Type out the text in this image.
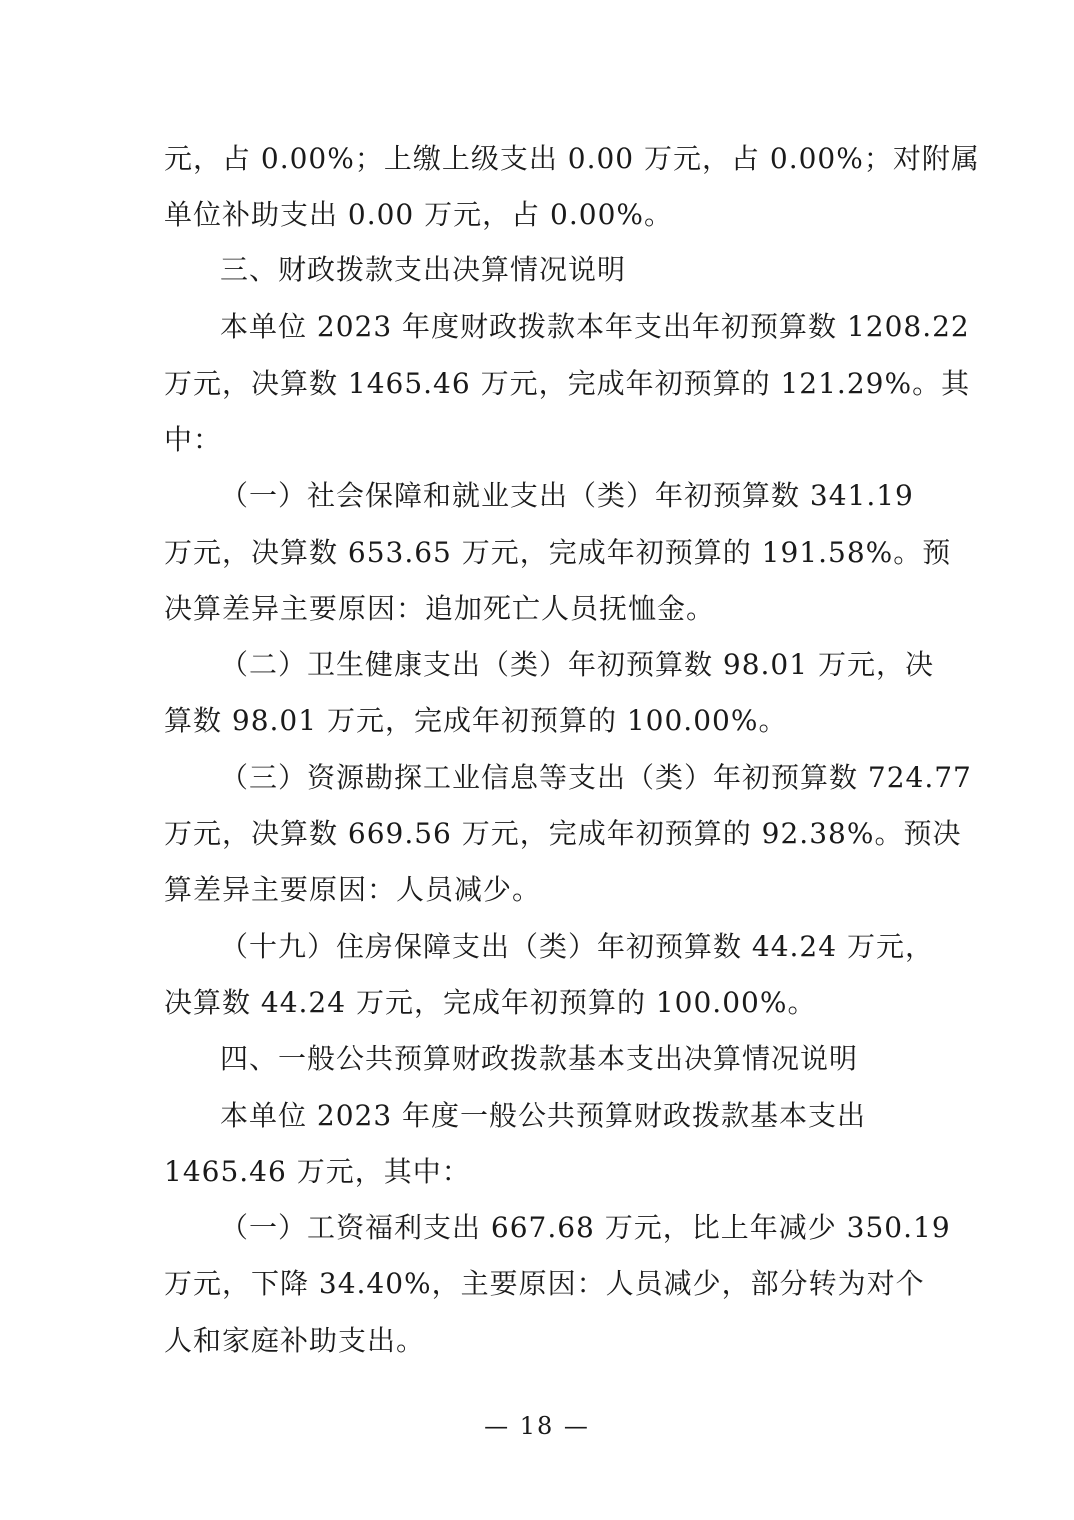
元，占 0.00%；上缴上级支出 0.00 万元，占 0.00%；对附属
单位补助支出 0.00 万元，占 0.00%。
三、财政拨款支出决算情况说明
本单位 2023 年度财政拨款本年支出年初预算数 1208.22
万元，决算数 1465.46 万元，完成年初预算的 121.29%。其
中：
（一）社会保障和就业支出（类）年初预算数 341.19
万元，决算数 653.65 万元，完成年初预算的 191.58%。预
决算差异主要原因：追加死亡人员抚恤金。
（二）卫生健康支出（类）年初预算数 98.01 万元，决
算数 98.01 万元，完成年初预算的 100.00%。
（三）资源勘探工业信息等支出（类）年初预算数 724.77
万元，决算数 669.56 万元，完成年初预算的 92.38%。预决
算差异主要原因：人员减少。
（十九）住房保障支出（类）年初预算数 44.24 万元，
决算数 44.24 万元，完成年初预算的 100.00%。
四、一般公共预算财政拨款基本支出决算情况说明
本单位 2023 年度一般公共预算财政拨款基本支出
1465.46 万元，其中：
（一）工资福利支出 667.68 万元，比上年减少 350.19
万元，下降 34.40%，主要原因：人员减少，部分转为对个
人和家庭补助支出。
— 18 —
